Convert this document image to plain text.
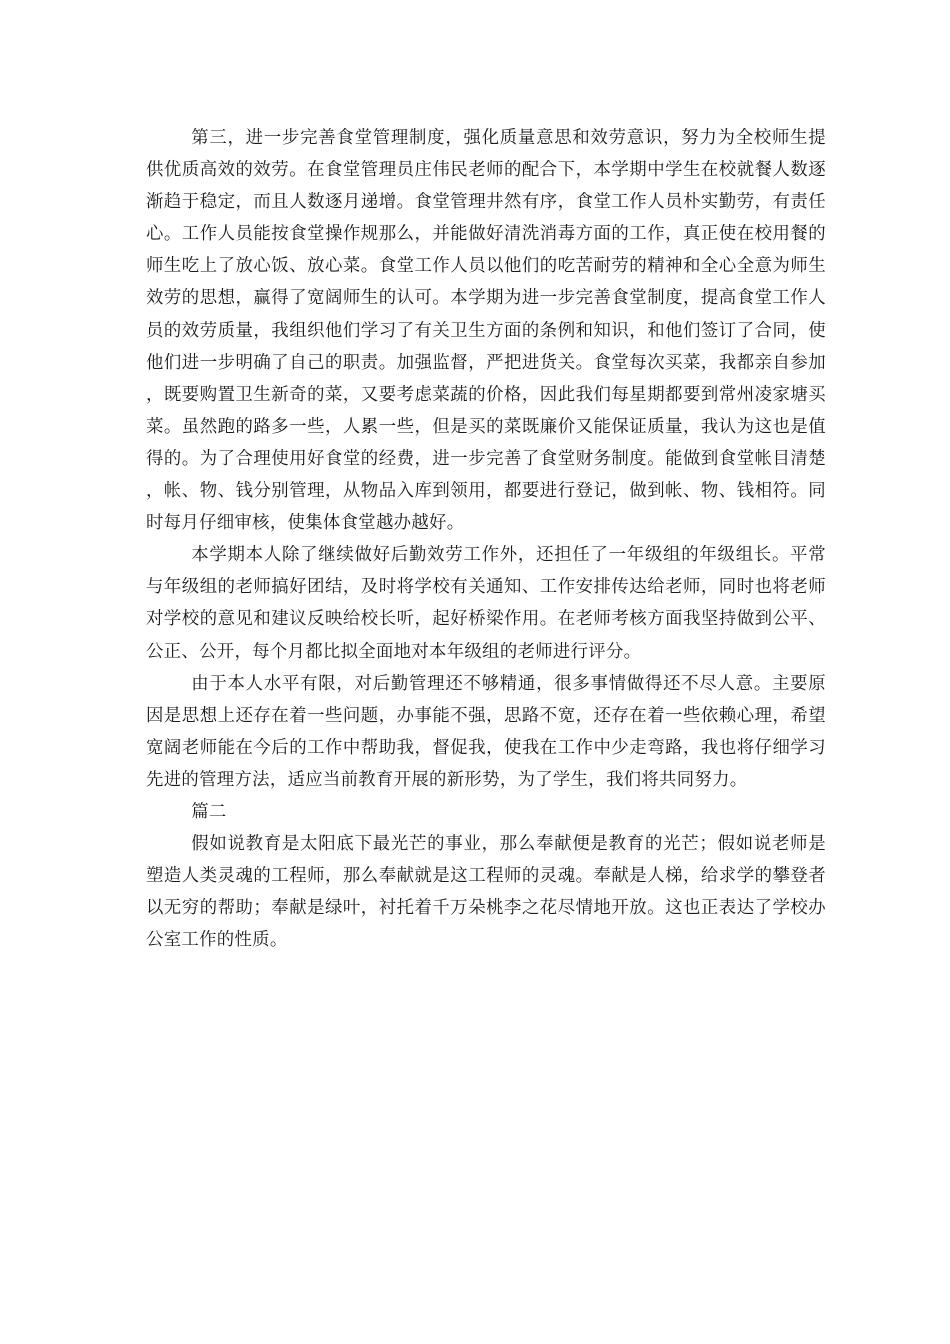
第三，进一步完善食堂管理制度，强化质量意思和效劳意识，努力为全校师生提供优质高效的效劳。在食堂管理员庄伟民老师的配合下，本学期中学生在校就餐人数逐渐趋于稳定，而且人数逐月递增。食堂管理井然有序，食堂工作人员朴实勤劳，有责任心。工作人员能按食堂操作规那么，并能做好清洗消毒方面的工作，真正使在校用餐的师生吃上了放心饭、放心菜。食堂工作人员以他们的吃苦耐劳的精神和全心全意为师生效劳的思想，赢得了宽阔师生的认可。本学期为进一步完善食堂制度，提高食堂工作人员的效劳质量，我组织他们学习了有关卫生方面的条例和知识，和他们签订了合同，使他们进一步明确了自己的职责。加强监督，严把进货关。食堂每次买菜，我都亲自参加，既要购置卫生新奇的菜，又要考虑菜蔬的价格，因此我们每星期都要到常州凌家塘买菜。虽然跑的路多一些，人累一些，但是买的菜既廉价又能保证质量，我认为这也是值得的。为了合理使用好食堂的经费，进一步完善了食堂财务制度。能做到食堂帐目清楚，帐、物、钱分别管理，从物品入库到领用，都要进行登记，做到帐、物、钱相符。同时每月仔细审核，使集体食堂越办越好。

本学期本人除了继续做好后勤效劳工作外，还担任了一年级组的年级组长。平常与年级组的老师搞好团结，及时将学校有关通知、工作安排传达给老师，同时也将老师对学校的意见和建议反映给校长听，起好桥梁作用。在老师考核方面我坚持做到公平、公正、公开，每个月都比拟全面地对本年级组的老师进行评分。

由于本人水平有限，对后勤管理还不够精通，很多事情做得还不尽人意。主要原因是思想上还存在着一些问题，办事能不强，思路不宽，还存在着一些依赖心理，希望宽阔老师能在今后的工作中帮助我，督促我，使我在工作中少走弯路，我也将仔细学习先进的管理方法，适应当前教育开展的新形势，为了学生，我们将共同努力。

篇二

假如说教育是太阳底下最光芒的事业，那么奉献便是教育的光芒；假如说老师是塑造人类灵魂的工程师，那么奉献就是这工程师的灵魂。奉献是人梯，给求学的攀登者以无穷的帮助；奉献是绿叶，衬托着千万朵桃李之花尽情地开放。这也正表达了学校办公室工作的性质。
